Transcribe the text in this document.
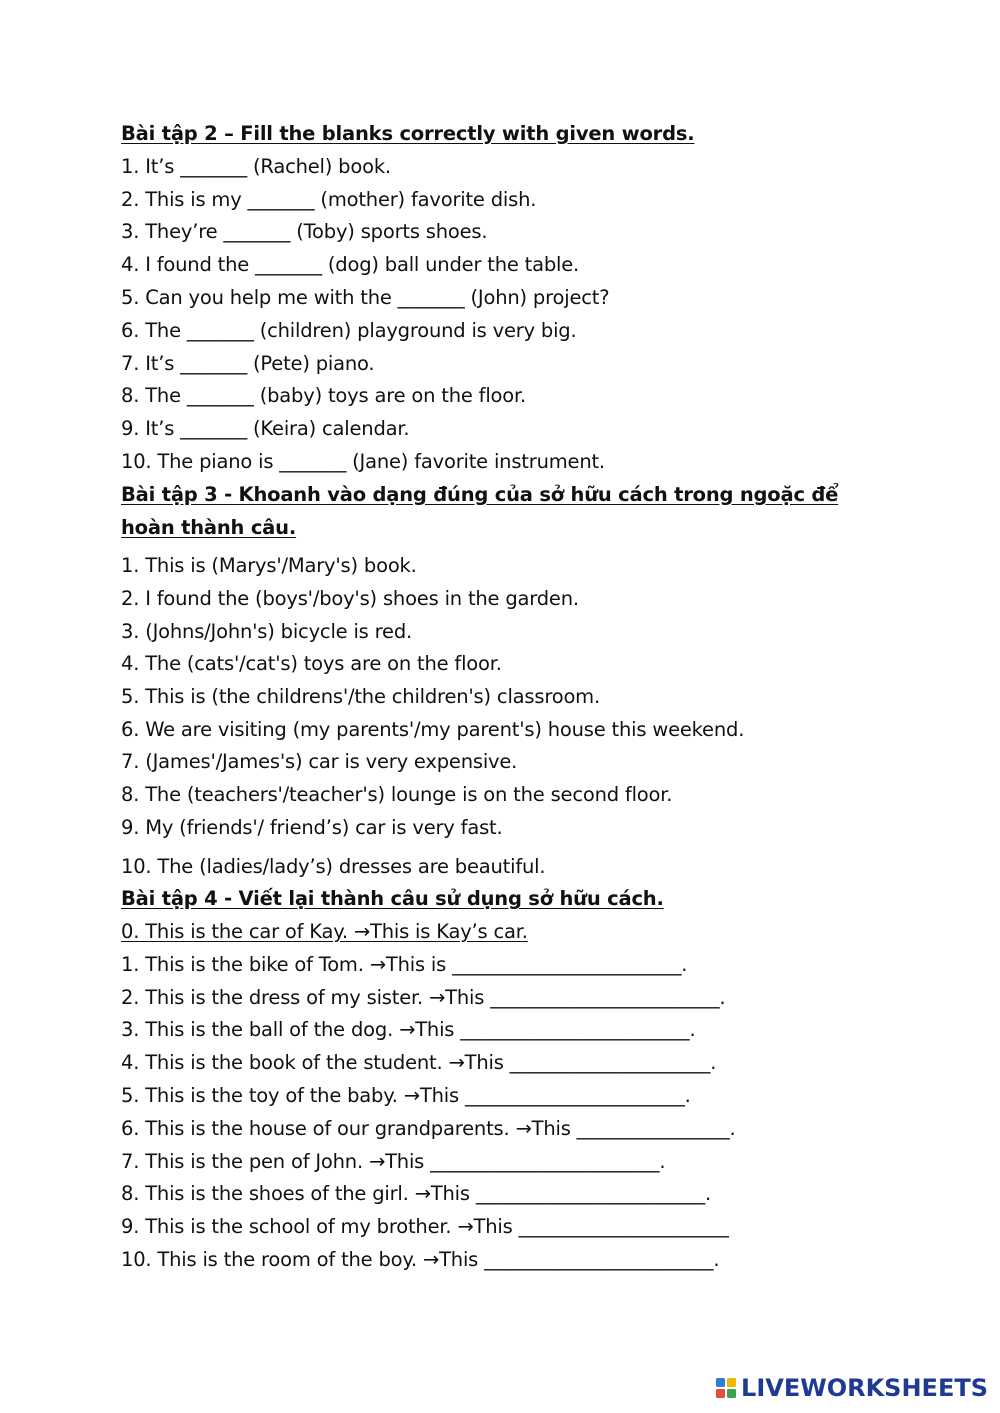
Bài tập 2 – Fill the blanks correctly with given words.
1. It’s _______ (Rachel) book.
2. This is my _______ (mother) favorite dish.
3. They’re _______ (Toby) sports shoes.
4. I found the _______ (dog) ball under the table.
5. Can you help me with the _______ (John) project?
6. The _______ (children) playground is very big.
7. It’s _______ (Pete) piano.
8. The _______ (baby) toys are on the floor.
9. It’s _______ (Keira) calendar.
10. The piano is _______ (Jane) favorite instrument.
Bài tập 3 - Khoanh vào dạng đúng của sở hữu cách trong ngoặc để
hoàn thành câu.
1. This is (Marys'/Mary's) book.
2. I found the (boys'/boy's) shoes in the garden.
3. (Johns/John's) bicycle is red.
4. The (cats'/cat's) toys are on the floor.
5. This is (the childrens'/the children's) classroom.
6. We are visiting (my parents'/my parent's) house this weekend.
7. (James'/James's) car is very expensive.
8. The (teachers'/teacher's) lounge is on the second floor.
9. My (friends'/ friend’s) car is very fast.
10. The (ladies/lady’s) dresses are beautiful.
Bài tập 4 - Viết lại thành câu sử dụng sở hữu cách.
0. This is the car of Kay. →This is Kay’s car.
1. This is the bike of Tom. →This is ________________________.
2. This is the dress of my sister. →This ________________________.
3. This is the ball of the dog. →This ________________________.
4. This is the book of the student. →This _____________________.
5. This is the toy of the baby. →This _______________________.
6. This is the house of our grandparents. →This ________________.
7. This is the pen of John. →This ________________________.
8. This is the shoes of the girl. →This ________________________.
9. This is the school of my brother. →This ______________________
10. This is the room of the boy. →This ________________________.
LIVEWORKSHEETS
